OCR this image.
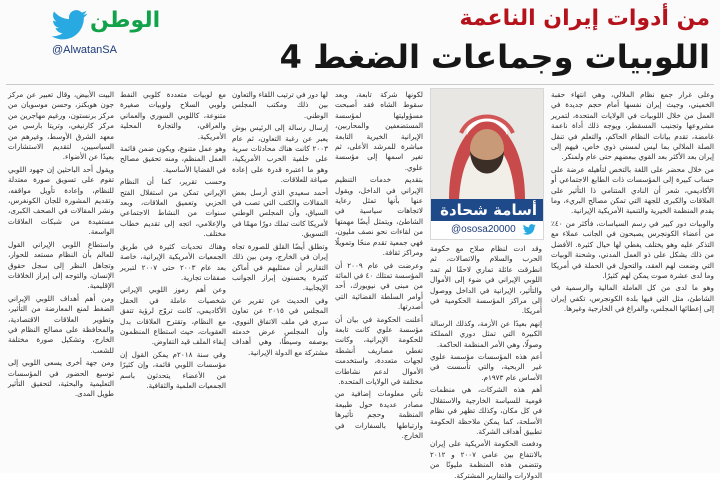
الوطن
@AlwatanSA
من أدوات إيران الناعمة
اللوبيات وجماعات الضغط 4
أسامة شحادة
@ososa20000

وعلى غرار جمع نظام الملالي، وهي انتهاء حقبة الخميني، وجيث إيران نفسها أمام حجم جديدة في العمل من خلال اللوبيات في الولايات المتحدة، لتمرير مشروعها وتجنيب المسقطر، ويوجه ذلك أداة ناعمة غامضة، تقدم بيانات النظام الحاكم، والتعلم في تنقل الصلة الملالي بما ليس لمسني ذوي خاص، فيهم إلى إيران بعد الأكثر بعد القوي ببعضهم حتى عام ولمنكر.

من خلال محضر على اللغة بالتخص لتأهيله عرضة على حساب كبيرة إلى المؤسسات ذات الطابع الاجتماعي أو الأكاديمي، شعر أن النادي المتنامي ذا التأثير على العلاقات والكبرى للجهة التي تمكن مصالح البريء، وما يقدم المنظمة الخيرية والتنمية الأمريكية الإيرانية.

والوبيات دور كبير في رسم السياسات، فأكثر من ٤٠٪ من أعضاء الكونجرس يصبحون في الجانب عملاء مع التذكر عليه وهو يختلف يغطي لها خيال كثيرة. الأفضل من ذلك يشكل على ذو العمل المدني، وشحنة الوبيات التي وضعت لهم العقد، والتحول في الحملة في أمريكا وما لدى عشرة صوت يمكن لهم كثيرًا.

وهو ما لدى من كل العاملة المالية والرسمية في الشاطئ، مثل التي فيها بلدة الكونجرس، تكفي إيران إلى إعطائها المجلس، والفراغ في الخارجية وغيرها.

وقد ادت لنظام صلاح مع حكومة الحرب والسلام والاتصالات، ثم انطرقت عائلة تماري لاحقًا لم تمد اللوبي الإيراني في ضوء إلى الأموال والتأثير، الإيرانية في الداخل ووصول إلى مراكز المؤسسة الحكومية في أمريكا.

إنهم بعيدًا عن الأزمة، وكذلك الرسالة الكبيرة التي تمثل دوري المملكة وصولًا، وهي الأمر المنظمة الحاكمة.

أعم هذه المؤسسات مؤسسة علوي غير الربحية، والتي تأسست في الأساس عام ١٩٧٣م.

أهم هذه الشركات، هي منظمات قومية للسياسة الخارجية والاستقلال في كل مكان، وكذلك تظهر في نظام الأسلحة، كما يمكن ملاحظة الحكومة تطبيق أهداف الشركة.

ودفعت الحكومة الأمريكية على إيران بالانتفاع بين عامي ٢٠٠٧ و ٢٠١٢ وتتضمن هذه المنظمة مليونًا من الدولارات والتقارير المشتركة.

لكونها شركة تابعة، وبعد سقوط الشاه فقد أصبحت مسؤوليتها لمؤسسة المستضعفين والمحاربين، الإيرانية الخيرية التابعة مباشرة للمرشد الأعلى، ثم تغير اسمها إلى مؤسسة علوي.

بتقديم خدمات التنظيم الإيراني في الداخل، ويقول عنها بأنها تمثل رعاية لاتجاهات سياسية في الشاطئ، ويتمثل أيضًا مهمتها من لقاءات نحو نصف مليون، فهي جمعية تقدم منحًا وتمويلًا ومراكز ثقافة.

وعرضت في عام ٢٠٠٩ أن المؤسسة تمتلك ٤٠ في المائة من مبنى في نيويورك، أحد أوامر السلطة القضائية التي أصدرتها.

أعلنت الحكومة في بيان أن مؤسسة علوي كانت تابعة للحكومة الإيرانية، وكانت تغطي مصاريف أنشطة لجهات متعددة، واستخدمت الأموال لدعم نشاطات مختلفة في الولايات المتحدة.

تأتي معلومات إضافية من مصادر عديدة حول طبيعة المنظمة وحجم تأثيرها وارتباطها بالسفارات في الخارج.

لها دور في ترتيب اللقاء والتعاون بين ذلك ومكتب المجلس الوطني.

إرسال رسالة إلى الرئيس بوش يعبر عن رغبة التعاون، ثم عام ٢٠٠٣ كانت هناك محادثات سرية على خلفية الحرب الأمريكية، وهو ما اعتبره قدرة على إعادة صياغة للعلاقات.

أحمد سعيدي الذي أرسل بعض المقالات والكتب التي تصب في السياق، وأن المجلس الوطني لأمريكا كانت تملك دورًا مهمًا في التسويق.

وتطلق أيضًا القلق للصورة تجاه إيران في الخارج، ومن بين ذلك التقارير أن ممثليهم في أماكن كثيرة يحسنون إبراز الجوانب الإيجابية.

وفي الحديث عن تقرير عن المجلس في ٢٠١٥ عن تعاون سري في ملف الاتفاق النووي، وأن المجلس عرض خدمته بوصفه وسيطًا، وهي أهداف مشتركة مع الدولة الإيرانية.

مع لوبيات متعددة كلوبي النفط ولوبي السلاح ولوبيات صغيرة متنوعة، كاللوبي السوري والعماني والعراقي، والتجارة المحلية الأمريكية.

وهو عمل متنوع، ويكون ضمن قائمة العمل المنظم، ومنه تحقيق مصالح في القضايا الأساسية.

وحسب تقرير، كما أن النظام الإيراني تمكن من استغلال الفتح الحزبي وتعميق العلاقات، وبعد سنوات من النشاط الاجتماعي والإعلامي، اتجه إلى تقديم خطاب مختلف.

وهناك تحديات كثيرة في طريق الجمعيات الأمريكية الإيرانية، خاصة بعد عام ٢٠٠٣ حتى ٢٠٠٧ لتبرير صفقات تجارية.

وعن أهم رموز اللوبي الإيراني شخصيات عاملة في الحقل الأكاديمي، كانت تروّج لرؤية تتفق مع النظام، وتقترح العلاقات بدل العقوبات، حيث استطاع المنظمون إبقاء الملف قيد التفاوض.

وفي سنة ٢٠١٨م يمكن القول إن مؤسسات اللوبي قائمة، وإن كثيرًا من الأعضاء يتحدثون باسم الجمعيات العلمية والثقافية.

البيت الأبيض، وقال تعبير عن مركز جون هوبكنز، وحسن موسويان من مركز برنستون، ورغيم مهاجرين من مركز كارنيغي، وتريتا بارسي من معهد الشرق الأوسط، وغيرهم من السياسيين، لتقديم الاستشارات بعيدًا عن الأضواء.

ويقول أحد الباحثين إن جهود اللوبي تقوم على تسويق صورة معتدلة للنظام، وإعادة تأويل مواقفه، وتقديم المشورة للجان الكونغرس، ونشر المقالات في الصحف الكبرى، مستفيدة من شبكات العلاقات الواسعة.

واستطاع اللوبي الإيراني القول للعالم بأن النظام مستعد للحوار، وتجاهل النظر إلى سجل حقوق الإنسان، والتوجه إلى إبراز الخلافات الإقليمية.

ومن أهم أهداف اللوبي الإيراني الضغط لمنع المعارضة من التأثير، وتطوير العلاقات الاقتصادية، والمحافظة على مصالح النظام في الخارج، وتشكيل صورة مختلفة للشعب.

ومن جهة أخرى يسعى اللوبي إلى توسيع الحضور في المؤسسات التعليمية والبحثية، لتحقيق التأثير طويل المدى.
